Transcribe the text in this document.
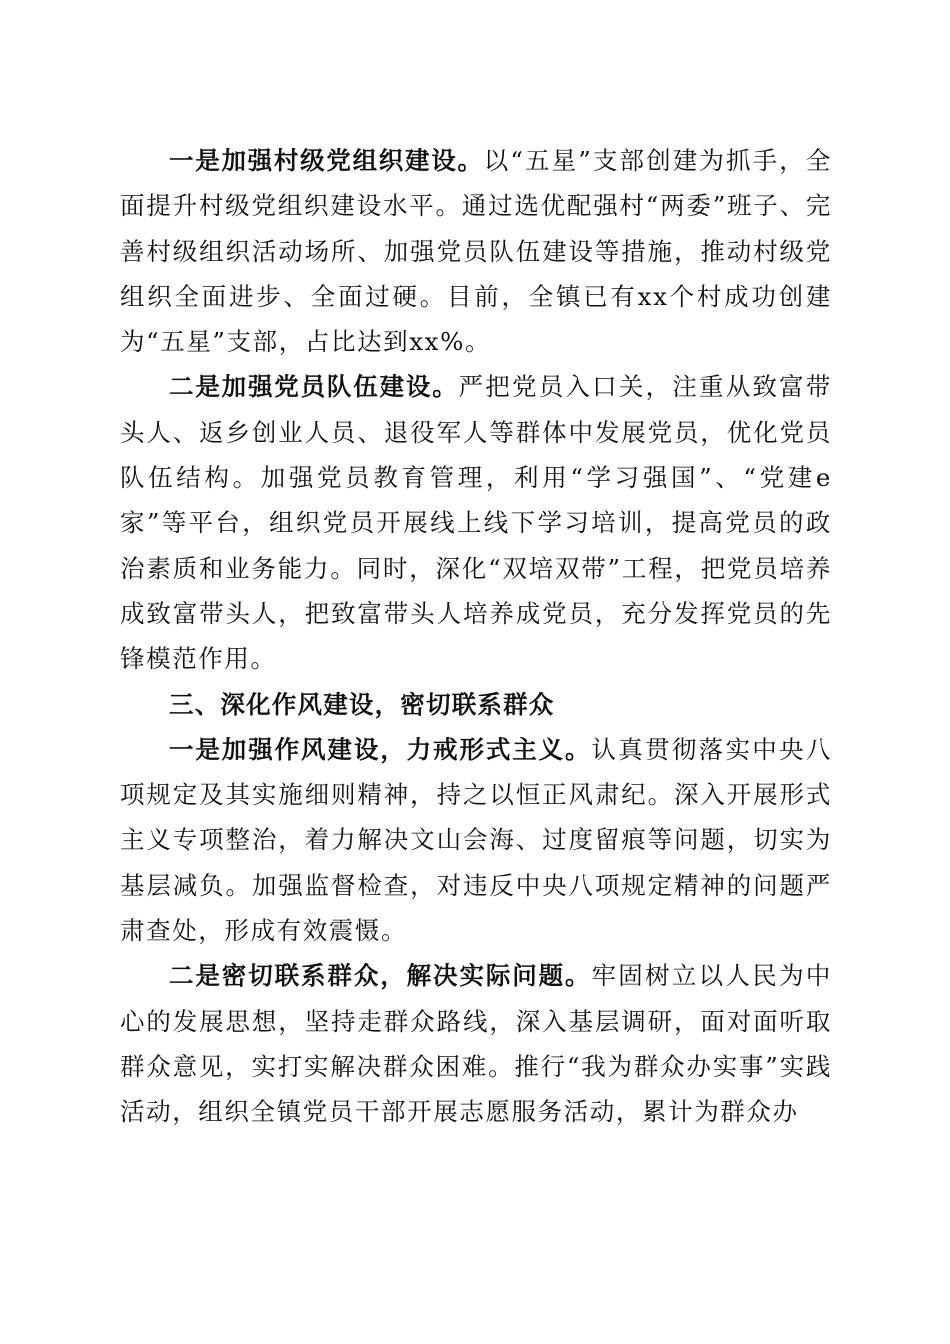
一是加强村级党组织建设。以“五星”支部创建为抓手，全面提升村级党组织建设水平。通过选优配强村“两委”班子、完善村级组织活动场所、加强党员队伍建设等措施，推动村级党组织全面进步、全面过硬。目前，全镇已有xx个村成功创建为“五星”支部，占比达到xx%。

二是加强党员队伍建设。严把党员入口关，注重从致富带头人、返乡创业人员、退役军人等群体中发展党员，优化党员队伍结构。加强党员教育管理，利用“学习强国”、“党建e家”等平台，组织党员开展线上线下学习培训，提高党员的政治素质和业务能力。同时，深化“双培双带”工程，把党员培养成致富带头人，把致富带头人培养成党员，充分发挥党员的先锋模范作用。

三、深化作风建设，密切联系群众

一是加强作风建设，力戒形式主义。认真贯彻落实中央八项规定及其实施细则精神，持之以恒正风肃纪。深入开展形式主义专项整治，着力解决文山会海、过度留痕等问题，切实为基层减负。加强监督检查，对违反中央八项规定精神的问题严肃查处，形成有效震慑。

二是密切联系群众，解决实际问题。牢固树立以人民为中心的发展思想，坚持走群众路线，深入基层调研，面对面听取群众意见，实打实解决群众困难。推行“我为群众办实事”实践活动，组织全镇党员干部开展志愿服务活动，累计为群众办
